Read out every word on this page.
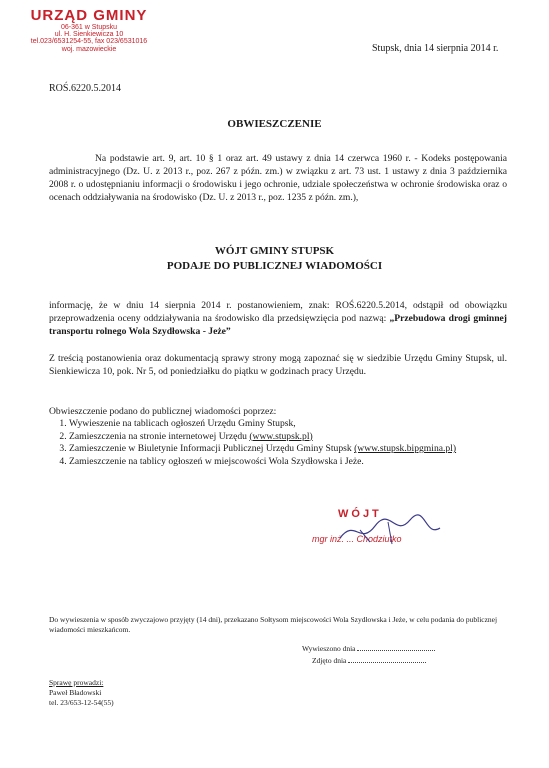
URZĄD GMINY
06-361 w Stupsku
ul. H. Sienkiewicza 10
tel.023/6531254-55, fax 023/6531016
woj. mazowieckie	Stupsk, dnia 14 sierpnia 2014 r.
ROŚ.6220.5.2014
OBWIESZCZENIE
Na podstawie art. 9, art. 10 § 1 oraz art. 49 ustawy z dnia 14 czerwca 1960 r. - Kodeks postępowania administracyjnego (Dz. U. z 2013 r., poz. 267 z późn. zm.) w związku z art. 73 ust. 1 ustawy z dnia 3 października 2008 r. o udostępnianiu informacji o środowisku i jego ochronie, udziale społeczeństwa w ochronie środowiska oraz o ocenach oddziaływania na środowisko (Dz. U. z 2013 r., poz. 1235 z późn. zm.),
WÓJT GMINY STUPSK
PODAJE DO PUBLICZNEJ WIADOMOŚCI
informację, że w dniu 14 sierpnia 2014 r. postanowieniem, znak: ROŚ.6220.5.2014, odstąpił od obowiązku przeprowadzenia oceny oddziaływania na środowisko dla przedsięwzięcia pod nazwą: „Przebudowa drogi gminnej transportu rolnego Wola Szydłowska - Jeże”
Z treścią postanowienia oraz dokumentacją sprawy strony mogą zapoznać się w siedzibie Urzędu Gminy Stupsk, ul. Sienkiewicza 10, pok. Nr 5, od poniedziałku do piątku w godzinach pracy Urzędu.
Obwieszczenie podano do publicznej wiadomości poprzez:
1. Wywieszenie na tablicach ogłoszeń Urzędu Gminy Stupsk,
2. Zamieszczenia na stronie internetowej Urzędu (www.stupsk.pl)
3. Zamieszczenie w Biuletynie Informacji Publicznej Urzędu Gminy Stupsk (www.stupsk.bipgmina.pl)
4. Zamieszczenie na tablicy ogłoszeń w miejscowości Wola Szydłowska i Jeże.
WÓJT
mgr inż. ... Chodziutko
Do wywieszenia w sposób zwyczajowo przyjęty (14 dni), przekazano Sołtysom miejscowości Wola Szydłowska i Jeże, w celu podania do publicznej wiadomości mieszkańcom.
Wywieszono dnia
Zdjęto dnia
Sprawę prowadzi:
Paweł Bładowski
tel. 23/653-12-54(55)
